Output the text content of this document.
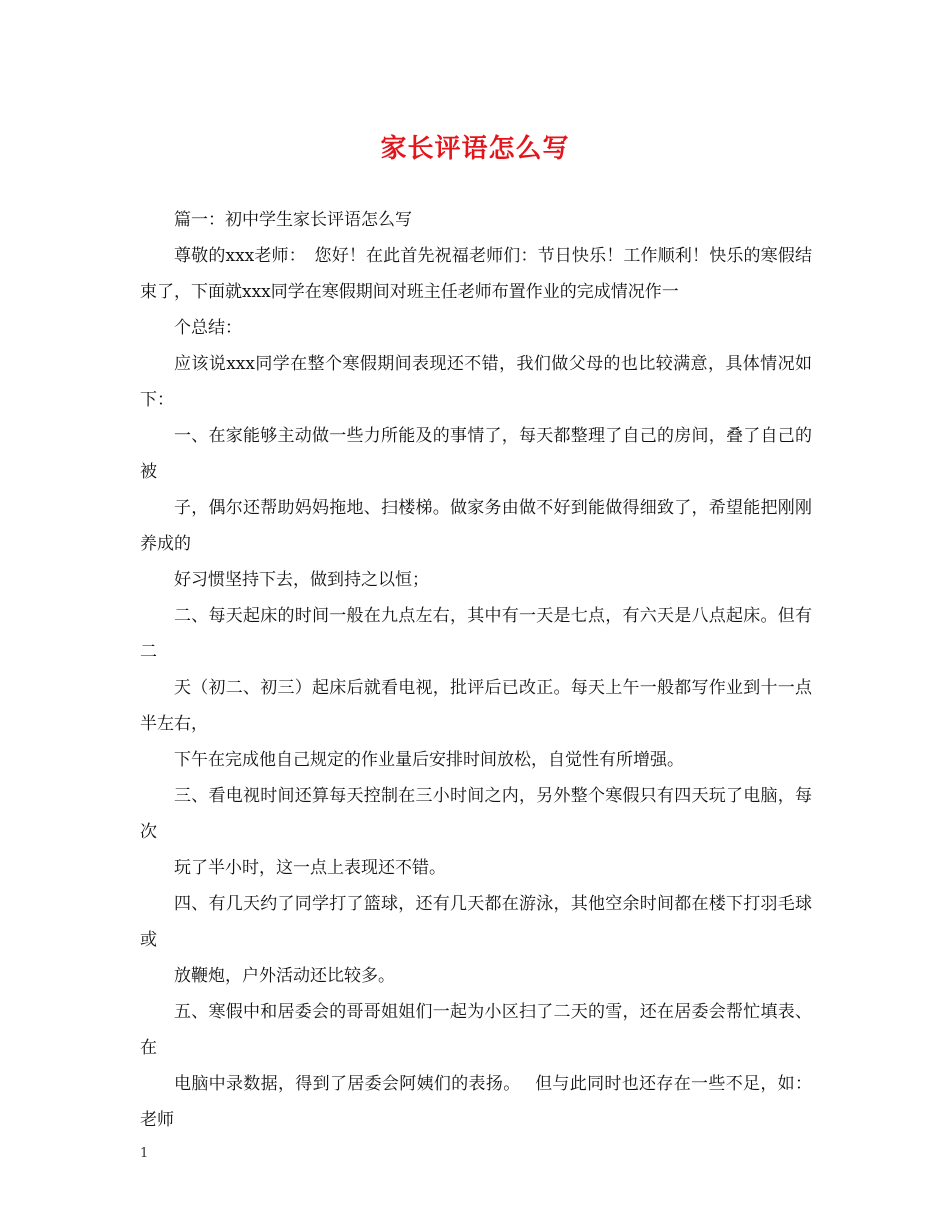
家长评语怎么写

篇一：初中学生家长评语怎么写

尊敬的xxx老师：　您好！在此首先祝福老师们：节日快乐！工作顺利！快乐的寒假结束了，下面就xxx同学在寒假期间对班主任老师布置作业的完成情况作一

个总结：

应该说xxx同学在整个寒假期间表现还不错，我们做父母的也比较满意，具体情况如下：

一、在家能够主动做一些力所能及的事情了，每天都整理了自己的房间，叠了自己的被

子，偶尔还帮助妈妈拖地、扫楼梯。做家务由做不好到能做得细致了，希望能把刚刚养成的

好习惯坚持下去，做到持之以恒；

二、每天起床的时间一般在九点左右，其中有一天是七点，有六天是八点起床。但有二

天（初二、初三）起床后就看电视，批评后已改正。每天上午一般都写作业到十一点半左右，

下午在完成他自己规定的作业量后安排时间放松，自觉性有所增强。

三、看电视时间还算每天控制在三小时间之内，另外整个寒假只有四天玩了电脑，每次

玩了半小时，这一点上表现还不错。

四、有几天约了同学打了篮球，还有几天都在游泳，其他空余时间都在楼下打羽毛球或

放鞭炮，户外活动还比较多。

五、寒假中和居委会的哥哥姐姐们一起为小区扫了二天的雪，还在居委会帮忙填表、在

电脑中录数据，得到了居委会阿姨们的表扬。　 但与此同时也还存在一些不足，如：老师

1
